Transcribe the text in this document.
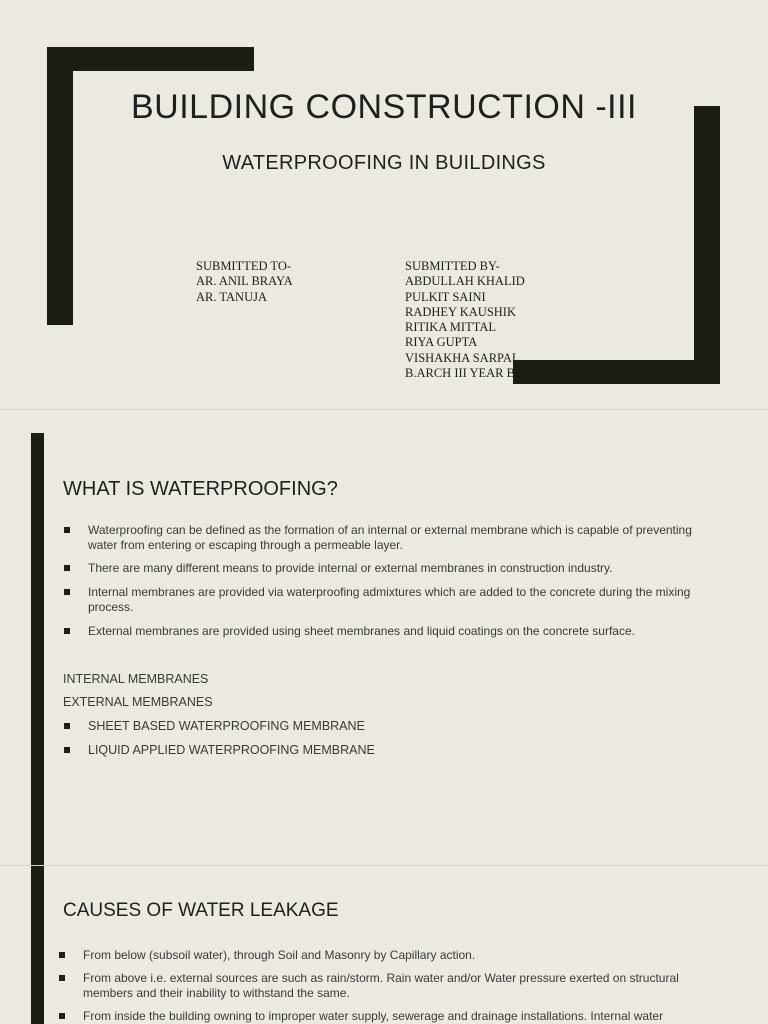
BUILDING CONSTRUCTION -III
WATERPROOFING IN BUILDINGS
SUBMITTED TO-
AR. ANIL BRAYA
AR. TANUJA
SUBMITTED BY-
ABDULLAH KHALID
PULKIT SAINI
RADHEY KAUSHIK
RITIKA MITTAL
RIYA GUPTA
VISHAKHA SARPAL
B.ARCH III YEAR B
WHAT IS WATERPROOFING?
Waterproofing can be defined as the formation of an internal or external membrane which is capable of preventing water from entering or escaping through a permeable layer.
There are many different means to provide internal or external membranes in construction industry.
Internal membranes are provided via waterproofing admixtures which are added to the concrete during the mixing process.
External membranes are provided using sheet membranes and liquid coatings on the concrete surface.
INTERNAL MEMBRANES
EXTERNAL MEMBRANES
SHEET BASED WATERPROOFING MEMBRANE
LIQUID APPLIED WATERPROOFING MEMBRANE
CAUSES OF WATER LEAKAGE
From below (subsoil water), through Soil and Masonry by Capillary action.
From above i.e. external sources are such as rain/storm. Rain water and/or Water pressure exerted on structural members and their inability to withstand the same.
From inside the building owning to improper water supply, sewerage and drainage installations. Internal water
